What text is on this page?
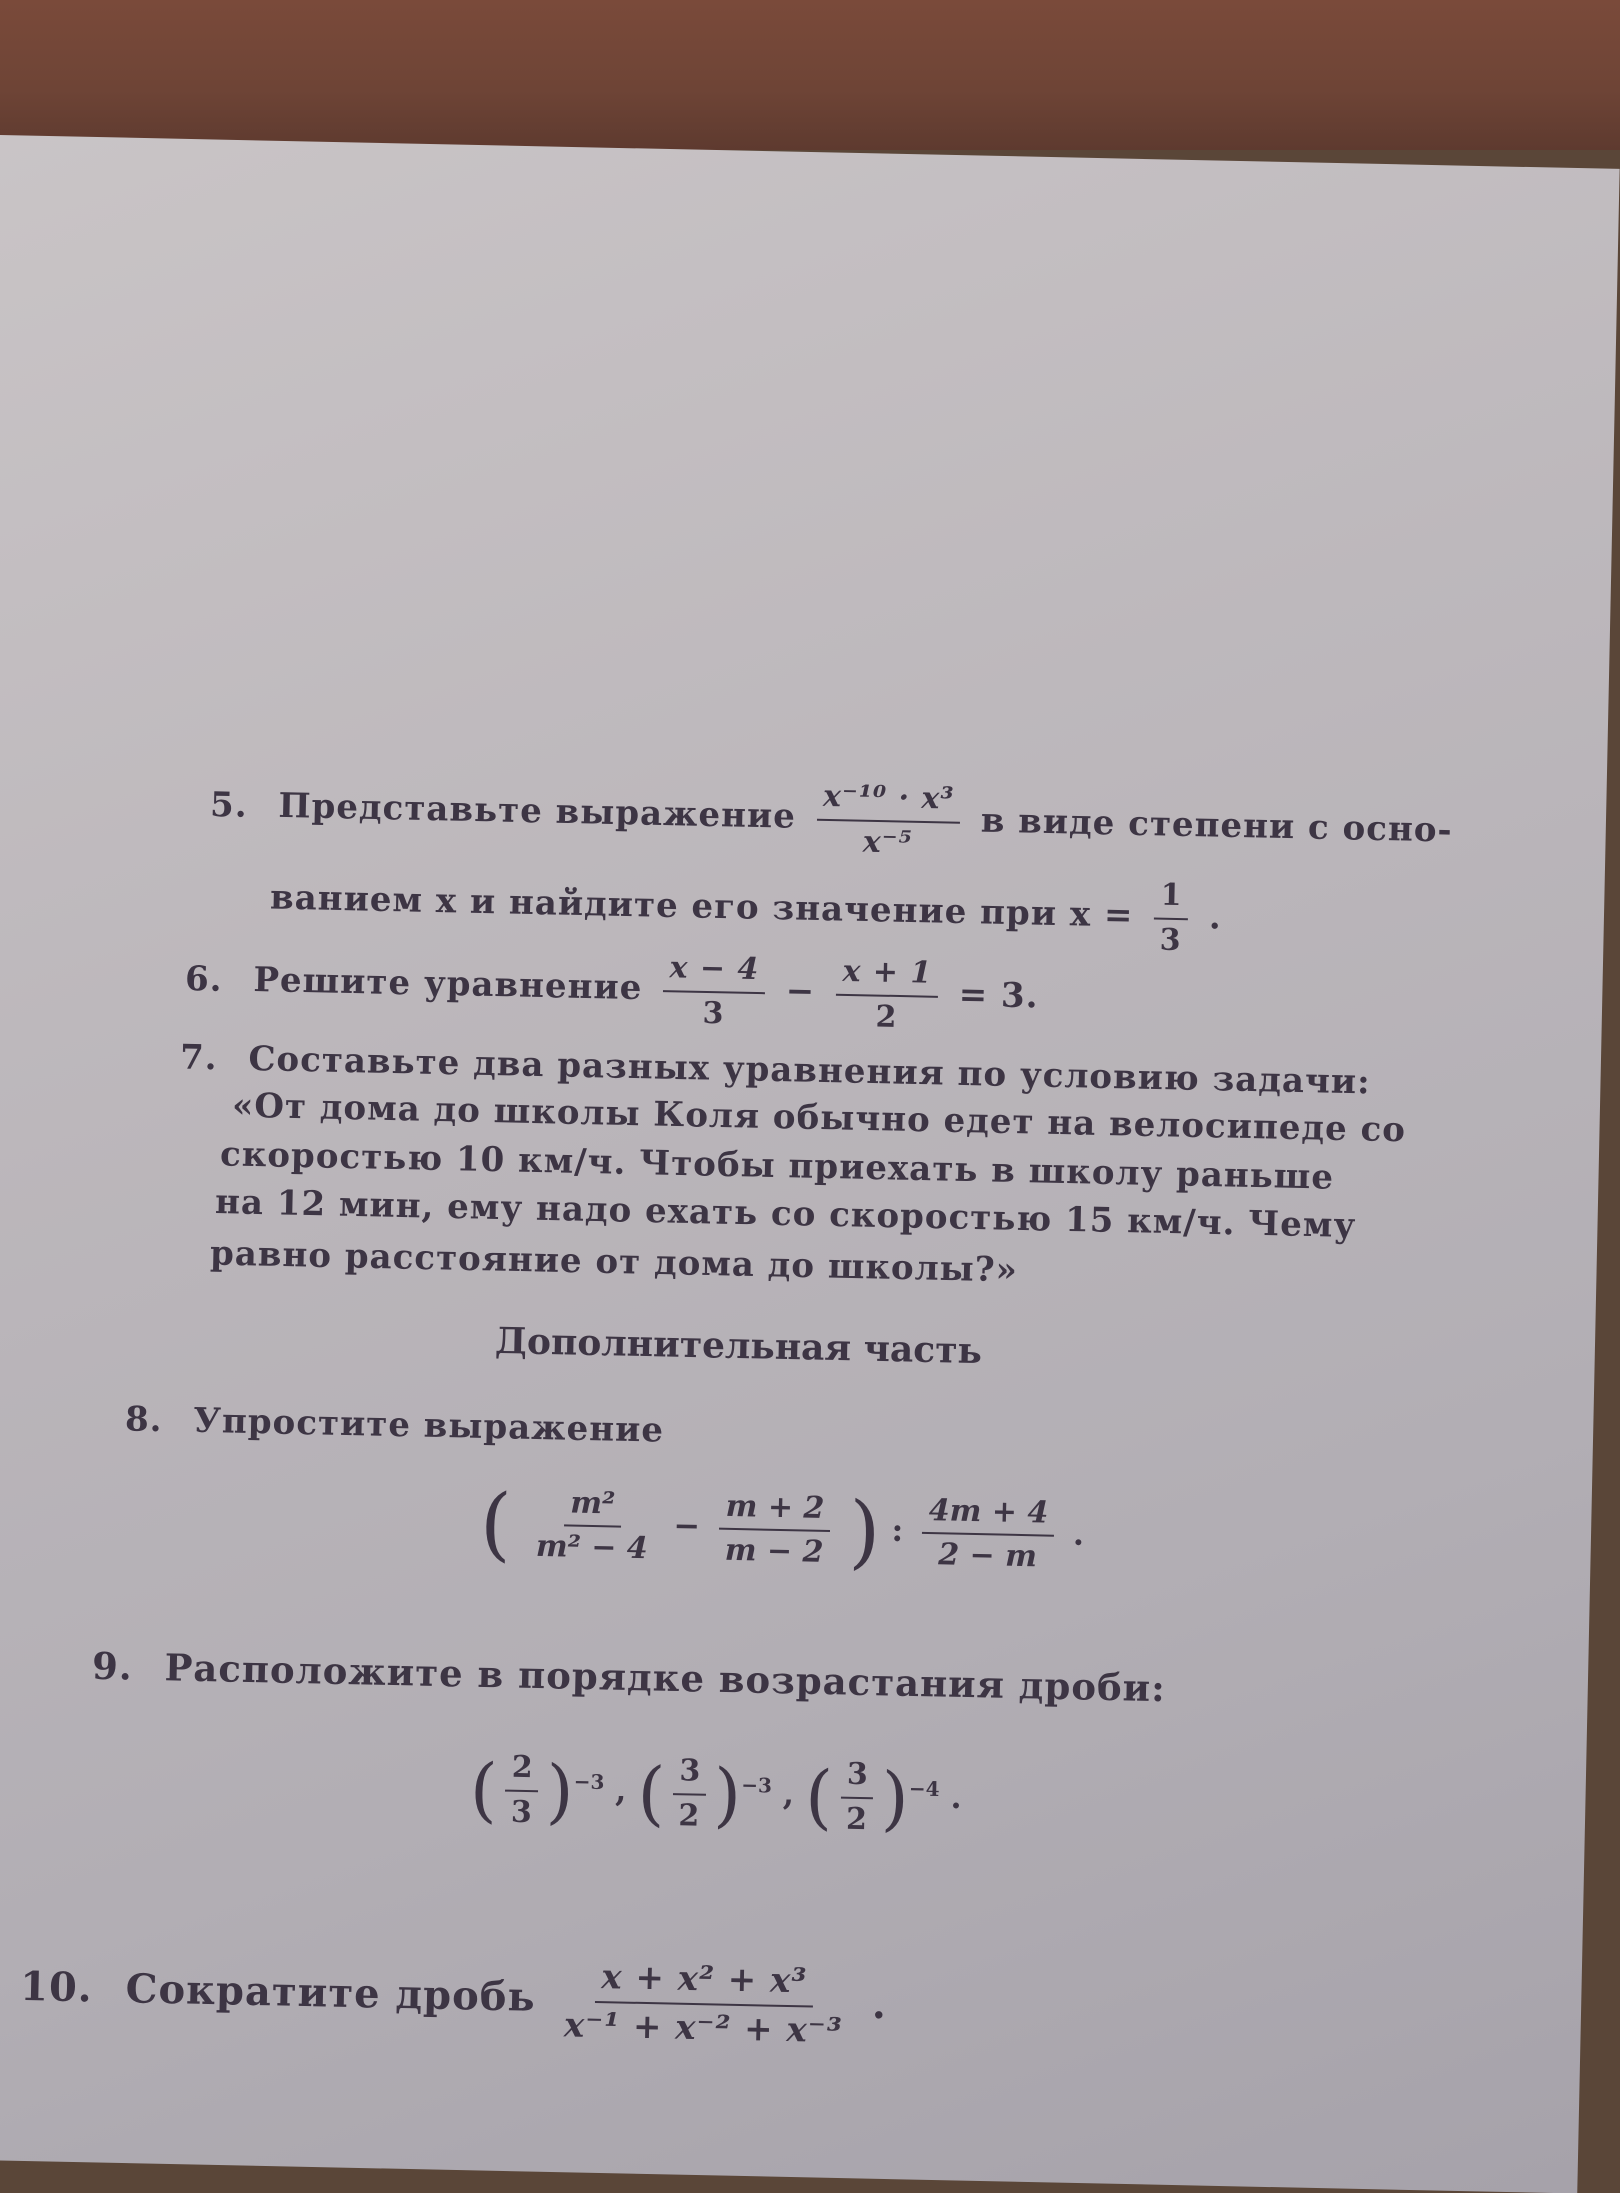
5. Представьте выражение $\frac{\text{x⁻¹⁰ · x³}}{\text{x⁻⁵}}$ в виде степени с осно-
ванием x и найдите его значение при $x = \frac{1}{3}$ .
6. Решите уравнение $\frac{x - 4}{3} - \frac{x + 1}{2} = 3$.
7. Составьте два разных уравнения по условию задачи:
«От дома до школы Коля обычно едет на велосипеде со
скоростью 10 км/ч. Чтобы приехать в школу раньше
на 12 мин, ему надо ехать со скоростью 15 км/ч. Чему
равно расстояние от дома до школы?»
Дополнительная часть
8. Упростите выражение
( $\frac{\text{m²}}{\text{m² − 4}} - \frac{m + 2}{m - 2}$ ) : $\frac{4m + 4}{2 - m}$ .
9. Расположите в порядке возрастания дроби:
( $\frac{2}{3} )^{-3}$ , ( $\frac{3}{2} )^{-3}$ , ( $\frac{3}{2} )^{-4}$ .
10. Сократите дробь $\frac{\text{x + x² + x³}}{\text{x⁻¹ + x⁻² + x⁻³}}$ .
